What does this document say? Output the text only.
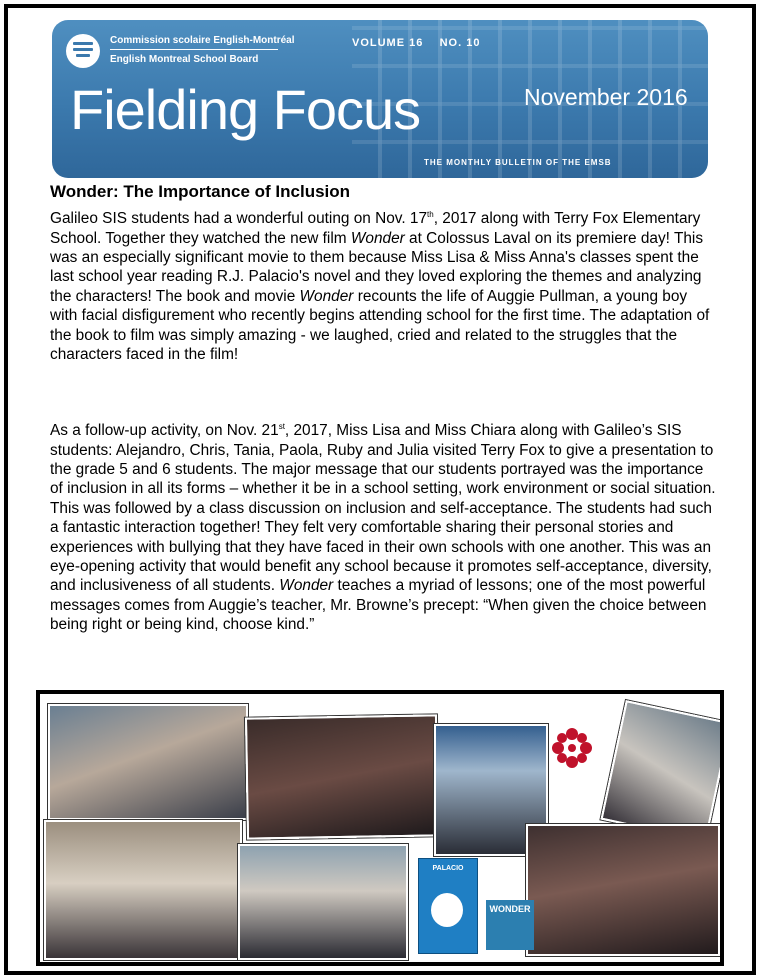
Commission scolaire English-Montréal
English Montreal School Board
VOLUME 16 NO. 10
Fielding Focus	November 2016
THE MONTHLY BULLETIN OF THE EMSB
Wonder: The Importance of Inclusion

Galileo SIS students had a wonderful outing on Nov. 17th, 2017 along with Terry Fox Elementary School. Together they watched the new film Wonder at Colossus Laval on its premiere day! This was an especially significant movie to them because Miss Lisa & Miss Anna's classes spent the last school year reading R.J. Palacio's novel and they loved exploring the themes and analyzing the characters! The book and movie Wonder recounts the life of Auggie Pullman, a young boy with facial disfigurement who recently begins attending school for the first time. The adaptation of the book to film was simply amazing - we laughed, cried and related to the struggles that the characters faced in the film!

As a follow-up activity, on Nov. 21st, 2017, Miss Lisa and Miss Chiara along with Galileo’s SIS students: Alejandro, Chris, Tania, Paola, Ruby and Julia visited Terry Fox to give a presentation to the grade 5 and 6 students. The major message that our students portrayed was the importance of inclusion in all its forms – whether it be in a school setting, work environment or social situation. This was followed by a class discussion on inclusion and self-acceptance. The students had such a fantastic interaction together! They felt very comfortable sharing their personal stories and experiences with bullying that they have faced in their own schools with one another. This was an eye-opening activity that would benefit any school because it promotes self-acceptance, diversity, and inclusiveness of all students. Wonder teaches a myriad of lessons; one of the most powerful messages comes from Auggie’s teacher, Mr. Browne’s precept: “When given the choice between being right or being kind, choose kind.”

PALACIO
WONDER
